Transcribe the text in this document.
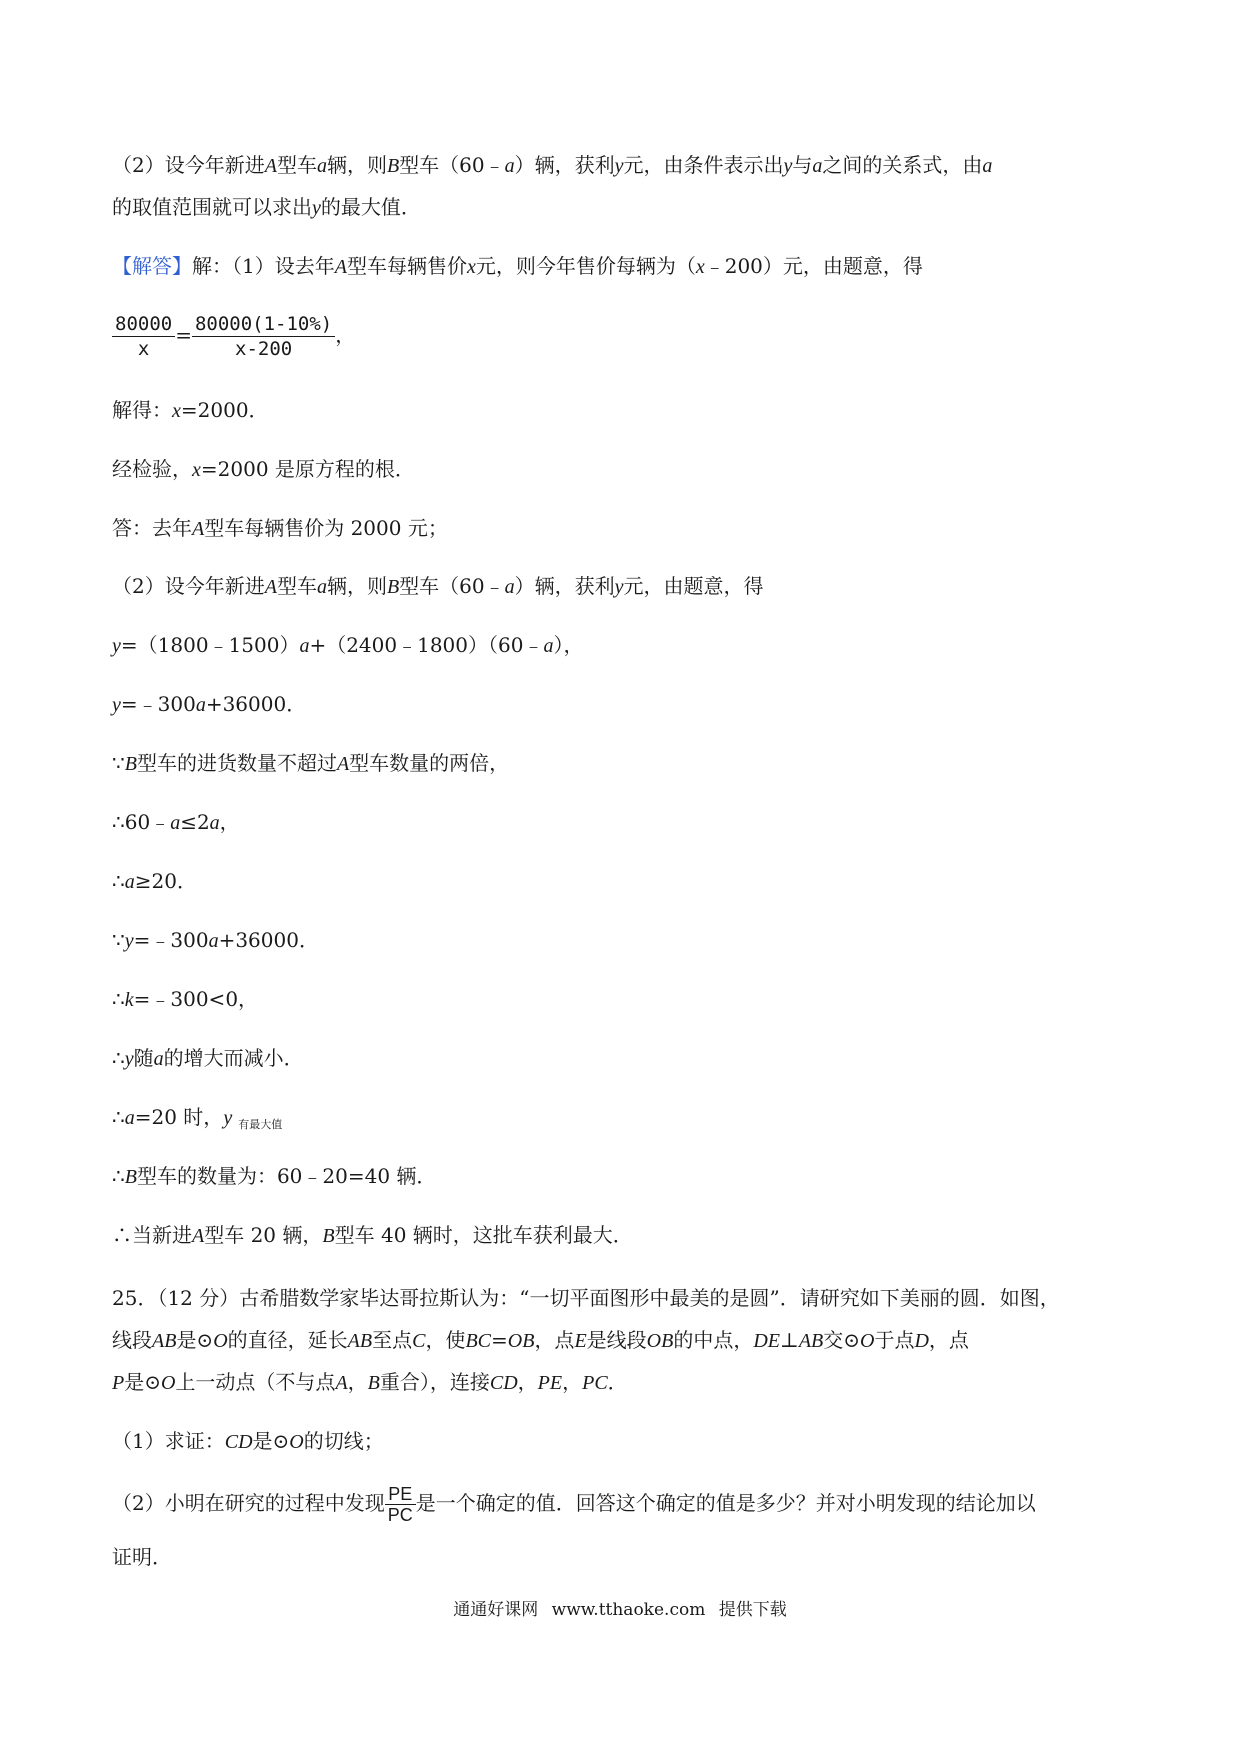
（2）设今年新进A型车a辆，则B型车（60﹣a）辆，获利y元，由条件表示出y与a之间的关系式，由a
的取值范围就可以求出y的最大值．
【解答】解：（1）设去年A型车每辆售价x元，则今年售价每辆为（x﹣200）元，由题意，得
$\frac{80000}{x} = \frac{80000(1-10\%)}{x-200}$ ，
解得：x=2000．
经检验，x=2000 是原方程的根．
答：去年A型车每辆售价为 2000 元；
（2）设今年新进A型车a辆，则B型车（60﹣a）辆，获利y元，由题意，得
y=（1800﹣1500）a+（2400﹣1800）（60﹣a），
y=﹣300a+36000．
∵B型车的进货数量不超过A型车数量的两倍，
∴60﹣a≤2a，
∴a≥20．
∵y=﹣300a+36000．
∴k=﹣300<0，
∴y随a的增大而减小．
∴a=20 时，y $_{有最大值}$
∴B型车的数量为：60﹣20=40 辆．
∴当新进A型车 20 辆，B型车 40 辆时，这批车获利最大．
25．（12 分）古希腊数学家毕达哥拉斯认为：“一切平面图形中最美的是圆”．请研究如下美丽的圆．如图，
线段AB是⊙O的直径，延长AB至点C，使BC=OB，点E是线段OB的中点，DE⊥AB交⊙O于点D，点
P是⊙O上一动点（不与点A，B重合），连接CD，PE，PC．
（1）求证：CD是⊙O的切线；
（2）小明在研究的过程中发现 $\frac{PE}{PC}$ 是一个确定的值．回答这个确定的值是多少？并对小明发现的结论加以
证明．
通通好课网 www.tthaoke.com 提供下载
